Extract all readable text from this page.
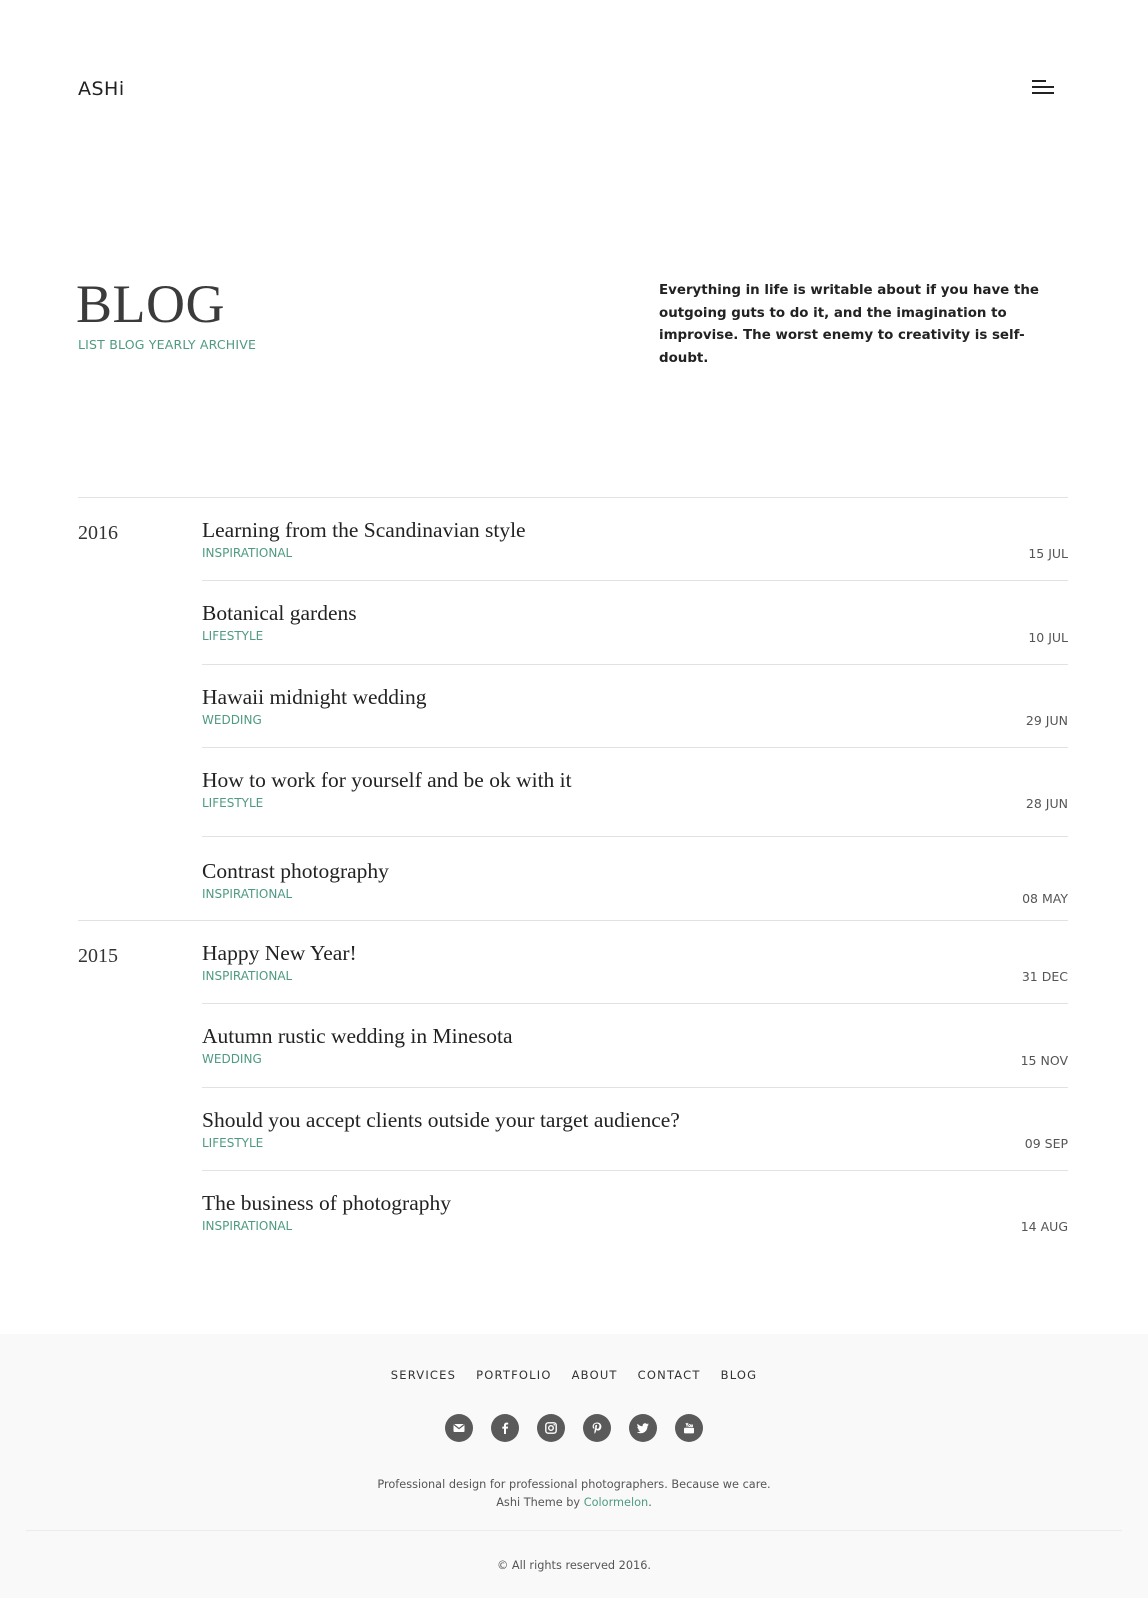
ASHi
BLOG
LIST BLOG YEARLY ARCHIVE

Everything in life is writable about if you have the outgoing guts to do it, and the imagination to improvise. The worst enemy to creativity is self-doubt.

2016	Learning from the Scandinavian style
INSPIRATIONAL	15 JUL
Botanical gardens
LIFESTYLE	10 JUL
Hawaii midnight wedding
WEDDING	29 JUN
How to work for yourself and be ok with it
LIFESTYLE	28 JUN
Contrast photography
INSPIRATIONAL	08 MAY
2015	Happy New Year!
INSPIRATIONAL	31 DEC
Autumn rustic wedding in Minesota
WEDDING	15 NOV
Should you accept clients outside your target audience?
LIFESTYLE	09 SEP
The business of photography
INSPIRATIONAL	14 AUG
SERVICES PORTFOLIO ABOUT CONTACT BLOG

Professional design for professional photographers. Because we care.
Ashi Theme by Colormelon.
© All rights reserved 2016.
